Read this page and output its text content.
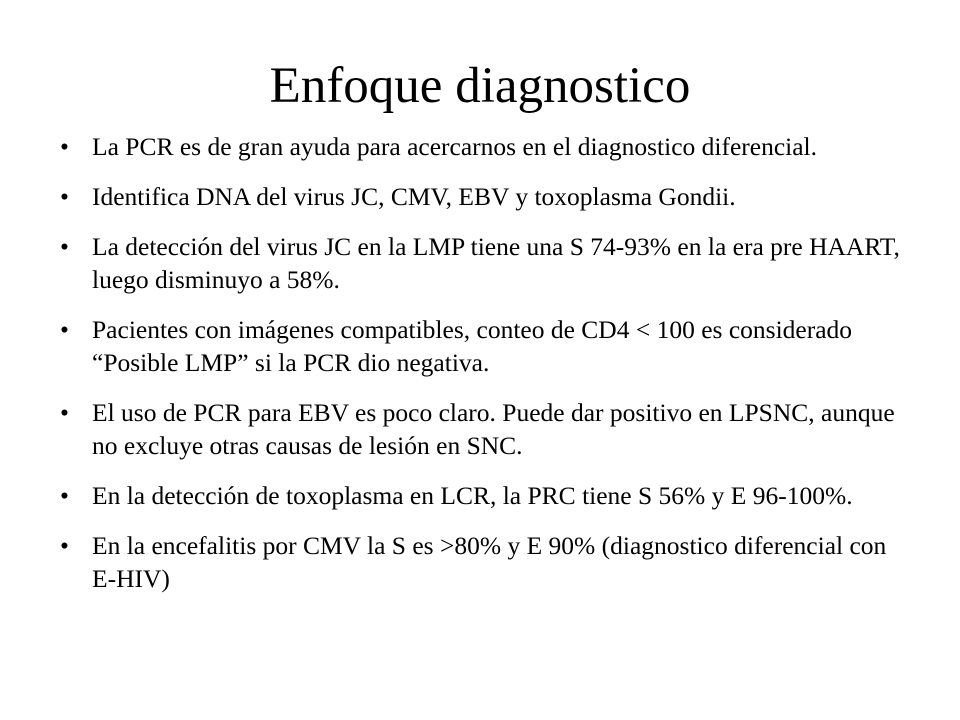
Enfoque diagnostico
• La PCR es de gran ayuda para acercarnos en el diagnostico diferencial.
• Identifica DNA del virus JC, CMV, EBV y toxoplasma Gondii.
• La detección del virus JC en la LMP tiene una S 74-93% en la era pre HAART, luego disminuyo a 58%.
• Pacientes con imágenes compatibles, conteo de CD4 < 100 es considerado “Posible LMP” si la PCR dio negativa.
• El uso de PCR para EBV es poco claro. Puede dar positivo en LPSNC, aunque no excluye otras causas de lesión en SNC.
• En la detección de toxoplasma en LCR, la PRC tiene S 56% y E 96-100%.
• En la encefalitis por CMV la S es >80% y E 90% (diagnostico diferencial con E-HIV)
